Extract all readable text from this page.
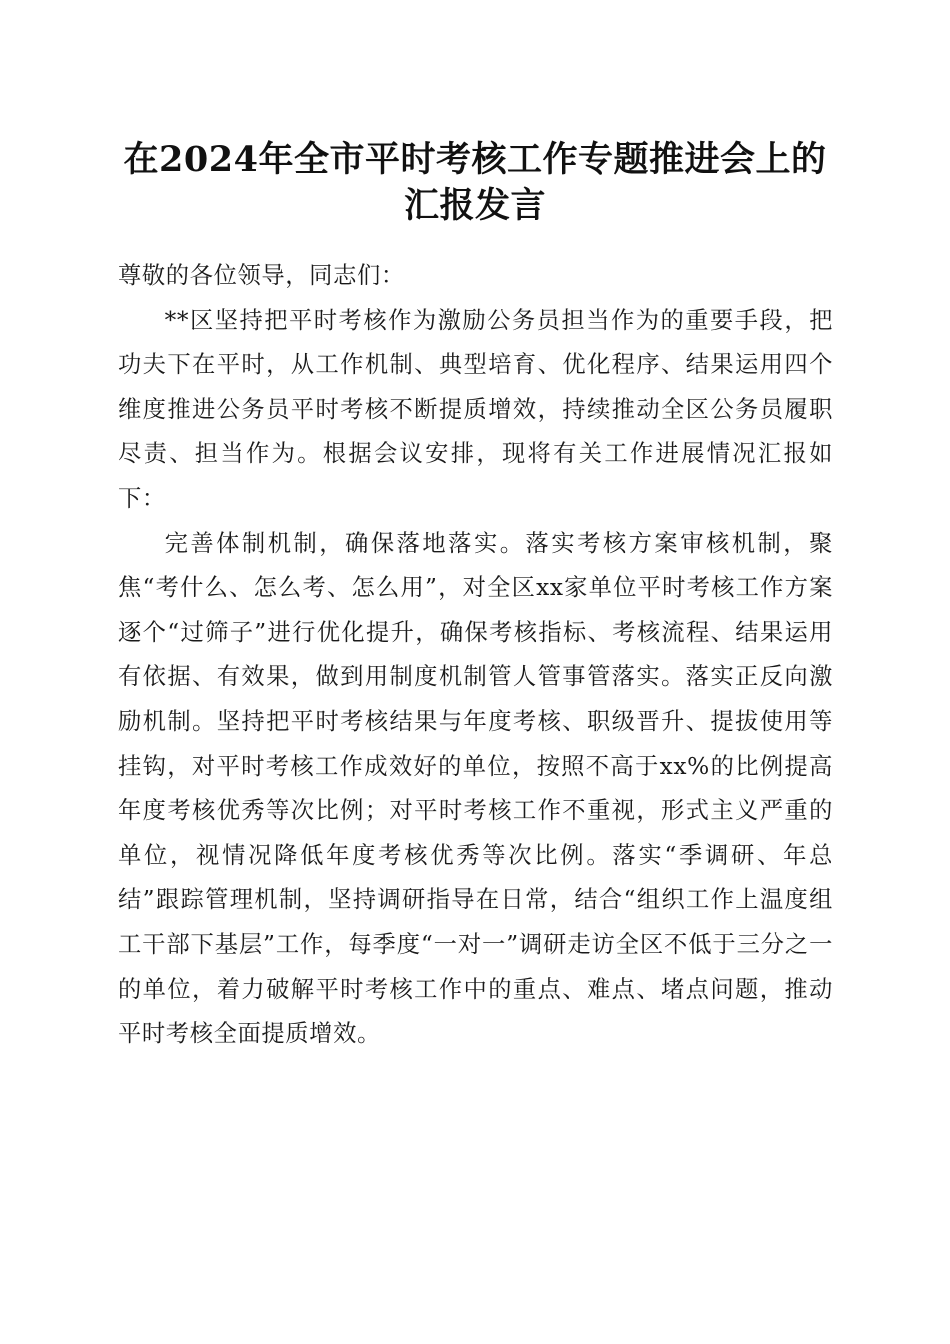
在2024年全市平时考核工作专题推进会上的
汇报发言

尊敬的各位领导，同志们：

**区坚持把平时考核作为激励公务员担当作为的重要手段，把功夫下在平时，从工作机制、典型培育、优化程序、结果运用四个维度推进公务员平时考核不断提质增效，持续推动全区公务员履职尽责、担当作为。根据会议安排，现将有关工作进展情况汇报如下：

完善体制机制，确保落地落实。落实考核方案审核机制，聚焦“考什么、怎么考、怎么用”，对全区xx家单位平时考核工作方案逐个“过筛子”进行优化提升，确保考核指标、考核流程、结果运用有依据、有效果，做到用制度机制管人管事管落实。落实正反向激励机制。坚持把平时考核结果与年度考核、职级晋升、提拔使用等挂钩，对平时考核工作成效好的单位，按照不高于xx%的比例提高年度考核优秀等次比例；对平时考核工作不重视，形式主义严重的单位，视情况降低年度考核优秀等次比例。落实“季调研、年总结”跟踪管理机制，坚持调研指导在日常，结合“组织工作上温度组工干部下基层”工作，每季度“一对一”调研走访全区不低于三分之一的单位，着力破解平时考核工作中的重点、难点、堵点问题，推动平时考核全面提质增效。
